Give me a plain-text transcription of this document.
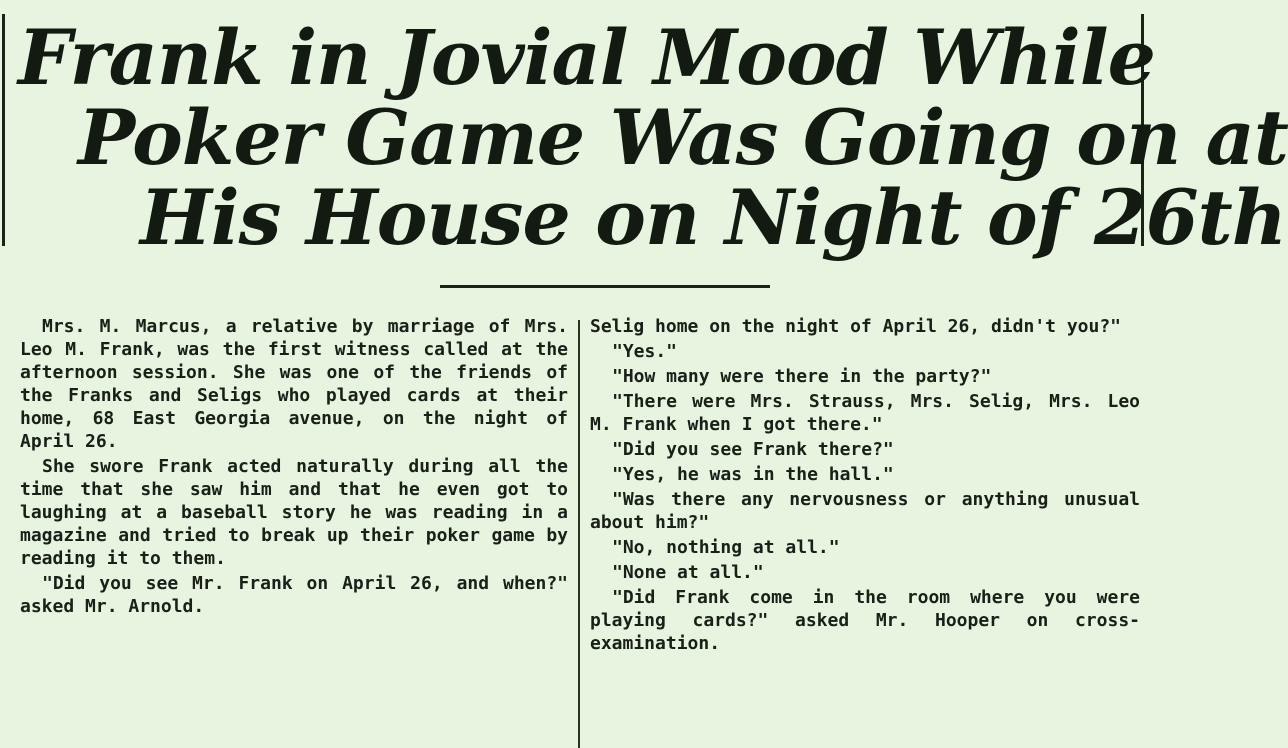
Frank in Jovial Mood While
Poker Game Was Going on at
His House on Night of 26th

Mrs. M. Marcus, a relative by marriage of Mrs. Leo M. Frank, was the first witness called at the afternoon session. She was one of the friends of the Franks and Seligs who played cards at their home, 68 East Georgia avenue, on the night of April 26.

She swore Frank acted naturally during all the time that she saw him and that he even got to laughing at a baseball story he was reading in a magazine and tried to break up their poker game by reading it to them.

"Did you see Mr. Frank on April 26, and when?" asked Mr. Arnold.

Selig home on the night of April 26, didn't you?"

"Yes."

"How many were there in the party?"

"There were Mrs. Strauss, Mrs. Selig, Mrs. Leo M. Frank when I got there."

"Did you see Frank there?"

"Yes, he was in the hall."

"Was there any nervousness or anything unusual about him?"

"No, nothing at all."

"None at all."

"Did Frank come in the room where you were playing cards?" asked Mr. Hooper on cross-examination.
